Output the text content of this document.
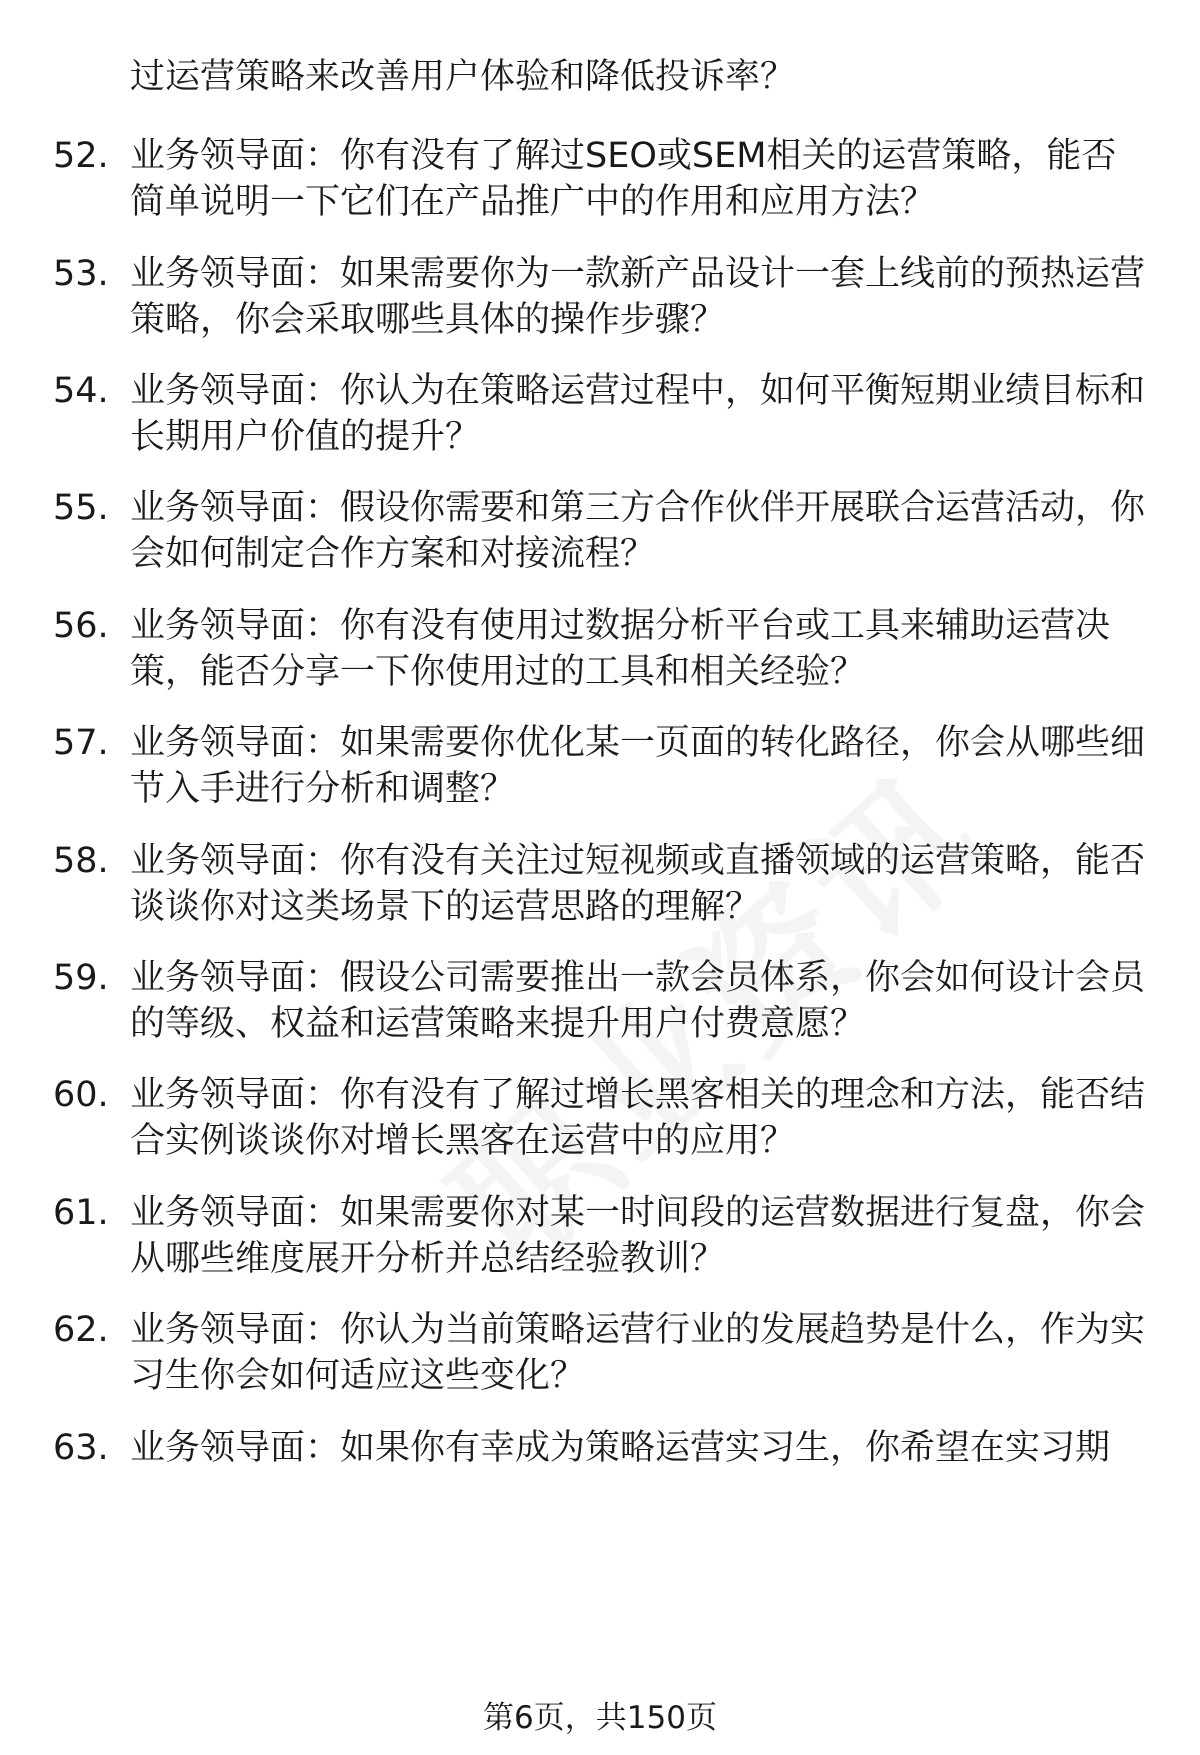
过运营策略来改善用户体验和降低投诉率？
52. 业务领导面：你有没有了解过SEO或SEM相关的运营策略，能否简单说明一下它们在产品推广中的作用和应用方法？
53. 业务领导面：如果需要你为一款新产品设计一套上线前的预热运营策略，你会采取哪些具体的操作步骤？
54. 业务领导面：你认为在策略运营过程中，如何平衡短期业绩目标和长期用户价值的提升？
55. 业务领导面：假设你需要和第三方合作伙伴开展联合运营活动，你会如何制定合作方案和对接流程？
56. 业务领导面：你有没有使用过数据分析平台或工具来辅助运营决策，能否分享一下你使用过的工具和相关经验？
57. 业务领导面：如果需要你优化某一页面的转化路径，你会从哪些细节入手进行分析和调整？
58. 业务领导面：你有没有关注过短视频或直播领域的运营策略，能否谈谈你对这类场景下的运营思路的理解？
59. 业务领导面：假设公司需要推出一款会员体系，你会如何设计会员的等级、权益和运营策略来提升用户付费意愿？
60. 业务领导面：你有没有了解过增长黑客相关的理念和方法，能否结合实例谈谈你对增长黑客在运营中的应用？
61. 业务领导面：如果需要你对某一时间段的运营数据进行复盘，你会从哪些维度展开分析并总结经验教训？
62. 业务领导面：你认为当前策略运营行业的发展趋势是什么，作为实习生你会如何适应这些变化？
63. 业务领导面：如果你有幸成为策略运营实习生，你希望在实习期
第6页，共150页
